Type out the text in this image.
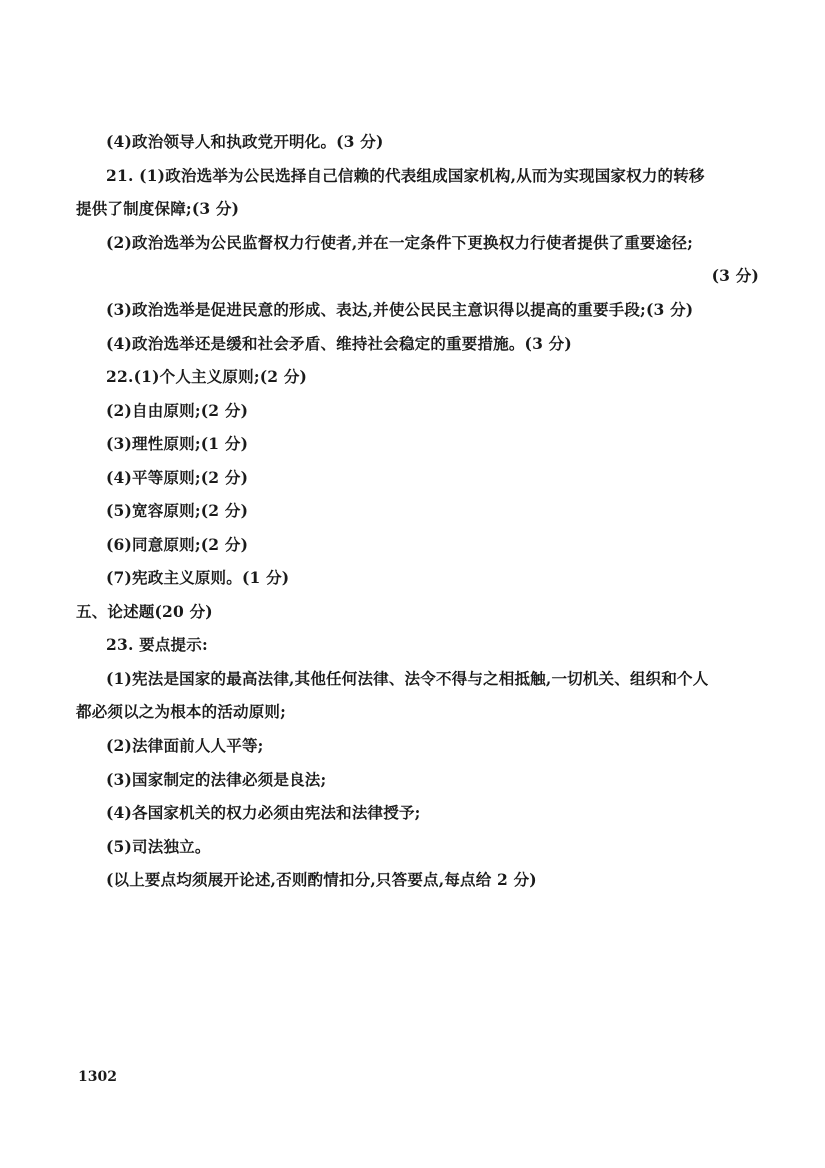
(4)政治领导人和执政党开明化。(3 分)
21. (1)政治选举为公民选择自己信赖的代表组成国家机构,从而为实现国家权力的转移
提供了制度保障;(3 分)
(2)政治选举为公民监督权力行使者,并在一定条件下更换权力行使者提供了重要途径;
(3 分)
(3)政治选举是促进民意的形成、表达,并使公民民主意识得以提高的重要手段;(3 分)
(4)政治选举还是缓和社会矛盾、维持社会稳定的重要措施。(3 分)
22.(1)个人主义原则;(2 分)
(2)自由原则;(2 分)
(3)理性原则;(1 分)
(4)平等原则;(2 分)
(5)宽容原则;(2 分)
(6)同意原则;(2 分)
(7)宪政主义原则。(1 分)
五、论述题(20 分)
23. 要点提示:
(1)宪法是国家的最高法律,其他任何法律、法令不得与之相抵触,一切机关、组织和个人
都必须以之为根本的活动原则;
(2)法律面前人人平等;
(3)国家制定的法律必须是良法;
(4)各国家机关的权力必须由宪法和法律授予;
(5)司法独立。
(以上要点均须展开论述,否则酌情扣分,只答要点,每点给 2 分)
1302
